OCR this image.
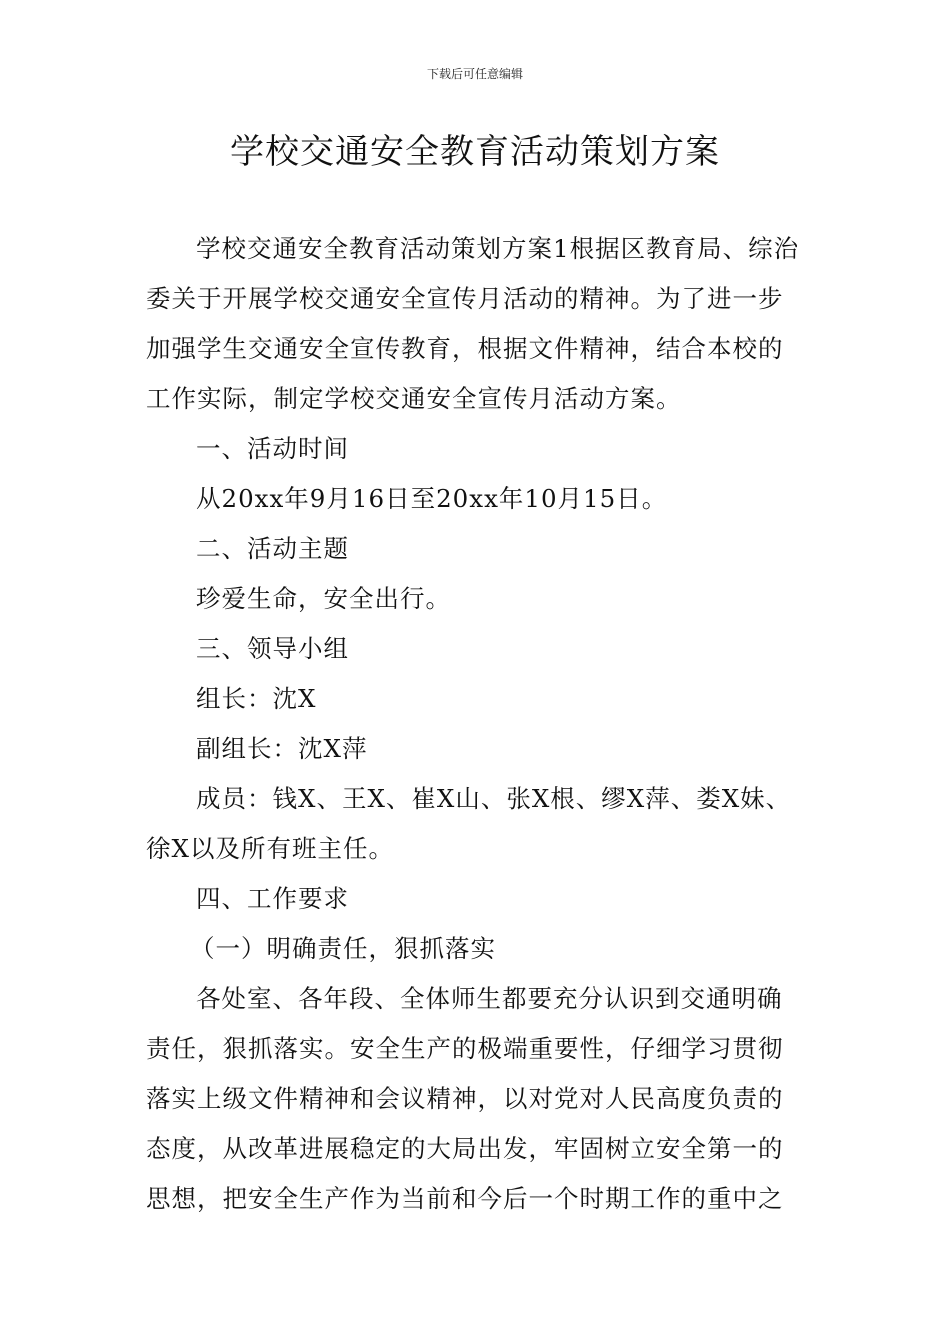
下载后可任意编辑
学校交通安全教育活动策划方案

学校交通安全教育活动策划方案1根据区教育局、综治

委关于开展学校交通安全宣传月活动的精神。为了进一步

加强学生交通安全宣传教育，根据文件精神，结合本校的

工作实际，制定学校交通安全宣传月活动方案。

一、活动时间

从20xx年9月16日至20xx年10月15日。

二、活动主题

珍爱生命，安全出行。

三、领导小组

组长：沈X

副组长：沈X萍

成员：钱X、王X、崔X山、张X根、缪X萍、娄X妹、

徐X以及所有班主任。

四、工作要求

（一）明确责任，狠抓落实

各处室、各年段、全体师生都要充分认识到交通明确

责任，狠抓落实。安全生产的极端重要性，仔细学习贯彻

落实上级文件精神和会议精神，以对党对人民高度负责的

态度，从改革进展稳定的大局出发，牢固树立安全第一的

思想，把安全生产作为当前和今后一个时期工作的重中之
